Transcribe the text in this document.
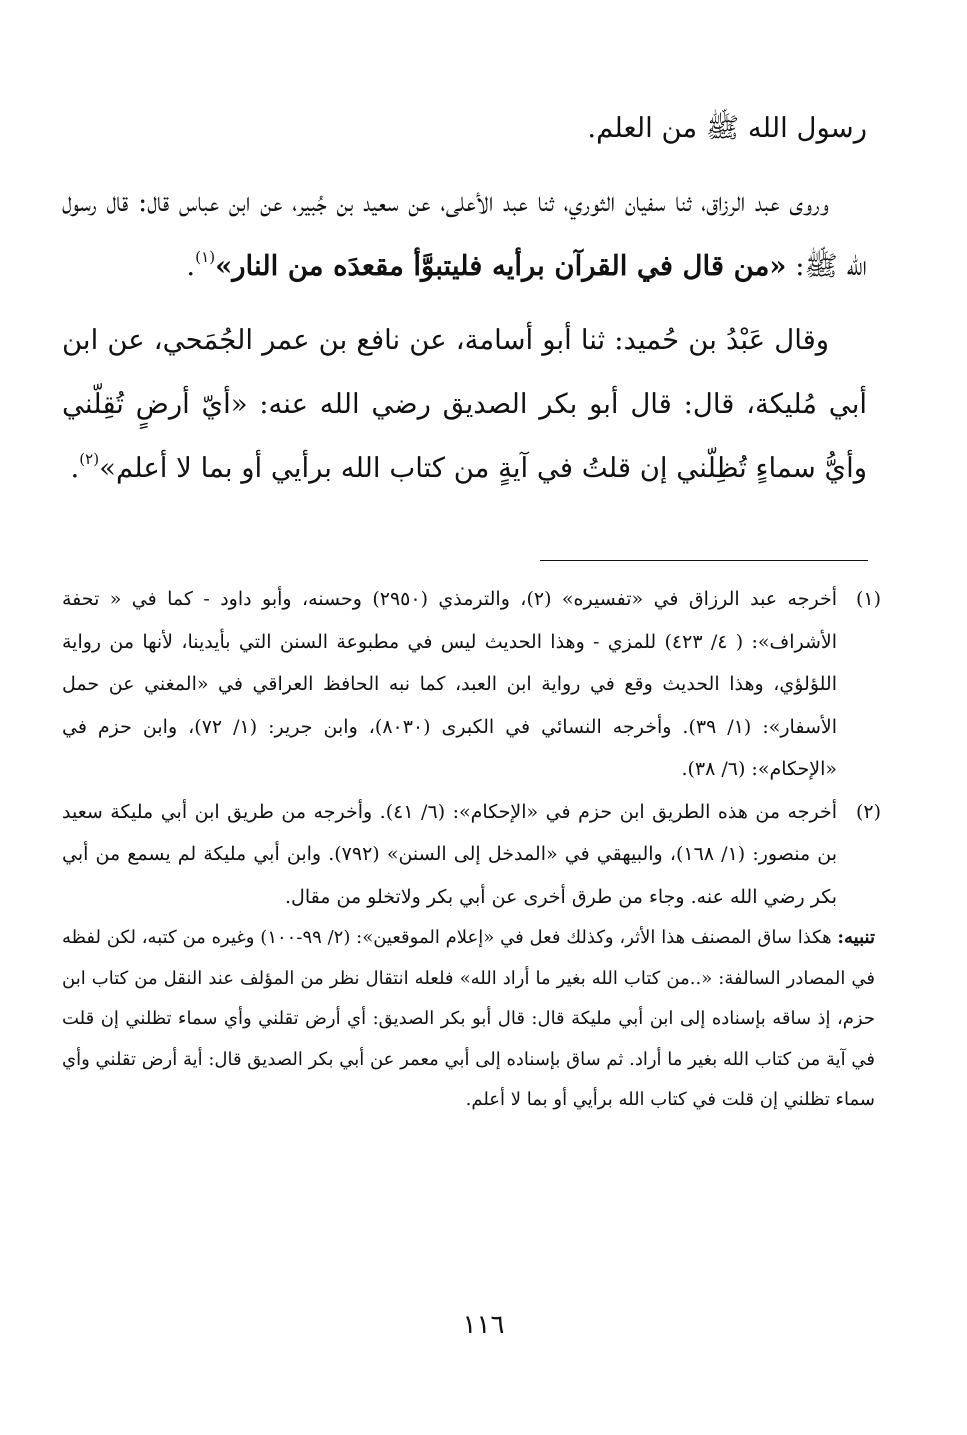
رسول الله ﷺ من العلم.

وروى عبد الرزاق، ثنا سفيان الثوري، ثنا عبد الأعلى، عن سعيد بن جُبير، عن ابن عباس قال: قال رسول الله ﷺ: «من قال في القرآن برأيه فليتبوَّأ مقعدَه من النار»$^{(١)}$.

وقال عَبْدُ بن حُميد: ثنا أبو أسامة، عن نافع بن عمر الجُمَحي، عن ابن أبي مُليكة، قال: قال أبو بكر الصديق رضي الله عنه: «أيّ أرضٍ تُقِلّني وأيُّ سماءٍ تُظِلّني إن قلتُ في آيةٍ من كتاب الله برأيي أو بما لا أعلم»$^{(٢)}$.

(١)

أخرجه عبد الرزاق في «تفسيره» (٢)، والترمذي (٢٩٥٠) وحسنه، وأبو داود - كما في « تحفة الأشراف»: ( ٤/ ٤٢٣) للمزي - وهذا الحديث ليس في مطبوعة السنن التي بأيدينا، لأنها من رواية اللؤلؤي، وهذا الحديث وقع في رواية ابن العبد، كما نبه الحافظ العراقي في «المغني عن حمل الأسفار»: (١/ ٣٩). وأخرجه النسائي في الكبرى (٨٠٣٠)، وابن جرير: (١/ ٧٢)، وابن حزم في «الإحكام»: (٦/ ٣٨).

(٢)

أخرجه من هذه الطريق ابن حزم في «الإحكام»: (٦/ ٤١). وأخرجه من طريق ابن أبي مليكة سعيد بن منصور: (١/ ١٦٨)، والبيهقي في «المدخل إلى السنن» (٧٩٢). وابن أبي مليكة لم يسمع من أبي بكر رضي الله عنه. وجاء من طرق أخرى عن أبي بكر ولاتخلو من مقال.

تنبيه: هكذا ساق المصنف هذا الأثر، وكذلك فعل في «إعلام الموقعين»: (٢/ ٩٩-١٠٠) وغيره من كتبه، لكن لفظه في المصادر السالفة: «..من كتاب الله بغير ما أراد الله» فلعله انتقال نظر من المؤلف عند النقل من كتاب ابن حزم، إذ ساقه بإسناده إلى ابن أبي مليكة قال: قال أبو بكر الصديق: أي أرض تقلني وأي سماء تظلني إن قلت في آية من كتاب الله بغير ما أراد. ثم ساق بإسناده إلى أبي معمر عن أبي بكر الصديق قال: أية أرض تقلني وأي سماء تظلني إن قلت في كتاب الله برأيي أو بما لا أعلم.

١١٦
